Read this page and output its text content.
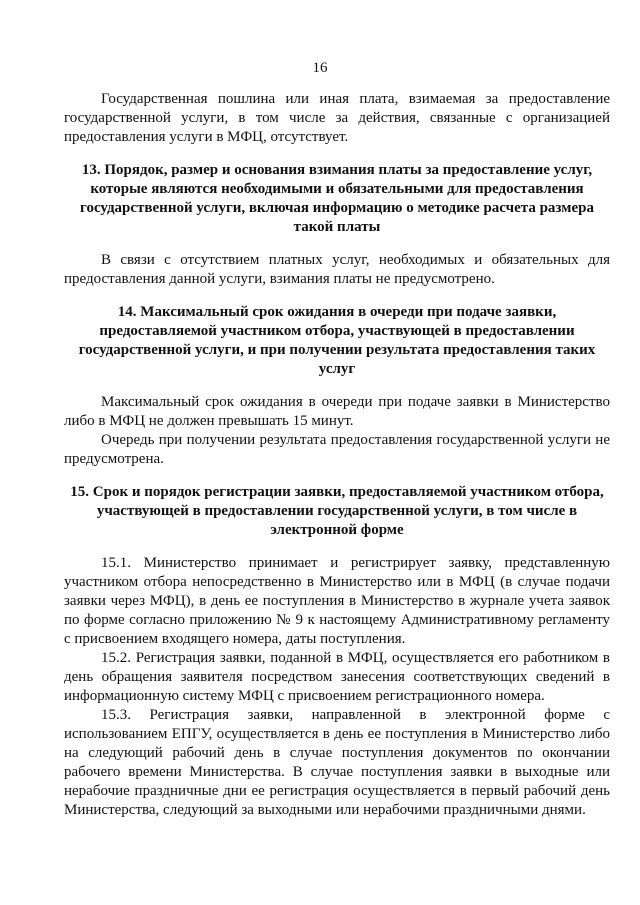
16

Государственная пошлина или иная плата, взимаемая за предоставление государственной услуги, в том числе за действия, связанные с организацией предоставления услуги в МФЦ, отсутствует.

13. Порядок, размер и основания взимания платы за предоставление услуг, которые являются необходимыми и обязательными для предоставления государственной услуги, включая информацию о методике расчета размера такой платы

В связи с отсутствием платных услуг, необходимых и обязательных для предоставления данной услуги, взимания платы не предусмотрено.

14. Максимальный срок ожидания в очереди при подаче заявки, предоставляемой участником отбора, участвующей в предоставлении государственной услуги, и при получении результата предоставления таких услуг

Максимальный срок ожидания в очереди при подаче заявки в Министерство либо в МФЦ не должен превышать 15 минут.

Очередь при получении результата предоставления государственной услуги не предусмотрена.

15. Срок и порядок регистрации заявки, предоставляемой участником отбора, участвующей в предоставлении государственной услуги, в том числе в электронной форме

15.1. Министерство принимает и регистрирует заявку, представленную участником отбора непосредственно в Министерство или в МФЦ (в случае подачи заявки через МФЦ), в день ее поступления в Министерство в журнале учета заявок по форме согласно приложению № 9 к настоящему Административному регламенту с присвоением входящего номера, даты поступления.

15.2. Регистрация заявки, поданной в МФЦ, осуществляется его работником в день обращения заявителя посредством занесения соответствующих сведений в информационную систему МФЦ с присвоением регистрационного номера.

15.3. Регистрация заявки, направленной в электронной форме с использованием ЕПГУ, осуществляется в день ее поступления в Министерство либо на следующий рабочий день в случае поступления документов по окончании рабочего времени Министерства. В случае поступления заявки в выходные или нерабочие праздничные дни ее регистрация осуществляется в первый рабочий день Министерства, следующий за выходными или нерабочими праздничными днями.
